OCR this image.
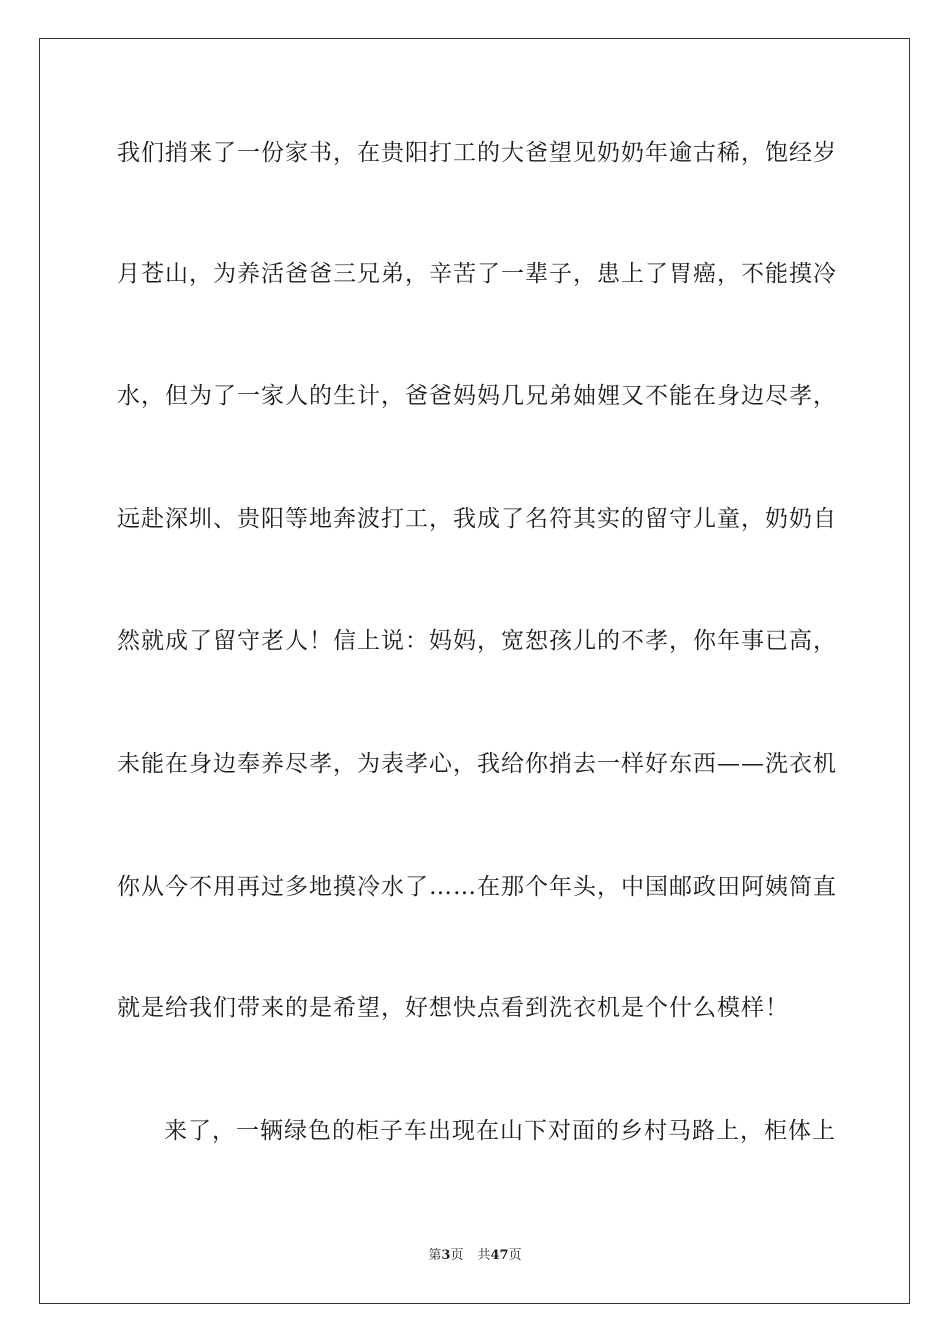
我们捎来了一份家书，在贵阳打工的大爸望见奶奶年逾古稀，饱经岁
月苍山，为养活爸爸三兄弟，辛苦了一辈子，患上了胃癌，不能摸冷
水，但为了一家人的生计，爸爸妈妈几兄弟妯娌又不能在身边尽孝，
远赴深圳、贵阳等地奔波打工，我成了名符其实的留守儿童，奶奶自
然就成了留守老人！信上说：妈妈，宽恕孩儿的不孝，你年事已高，
未能在身边奉养尽孝，为表孝心，我给你捎去一样好东西——洗衣机
你从今不用再过多地摸冷水了……在那个年头，中国邮政田阿姨简直
就是给我们带来的是希望，好想快点看到洗衣机是个什么模样！
来了，一辆绿色的柜子车出现在山下对面的乡村马路上，柜体上
第3页 共47页
